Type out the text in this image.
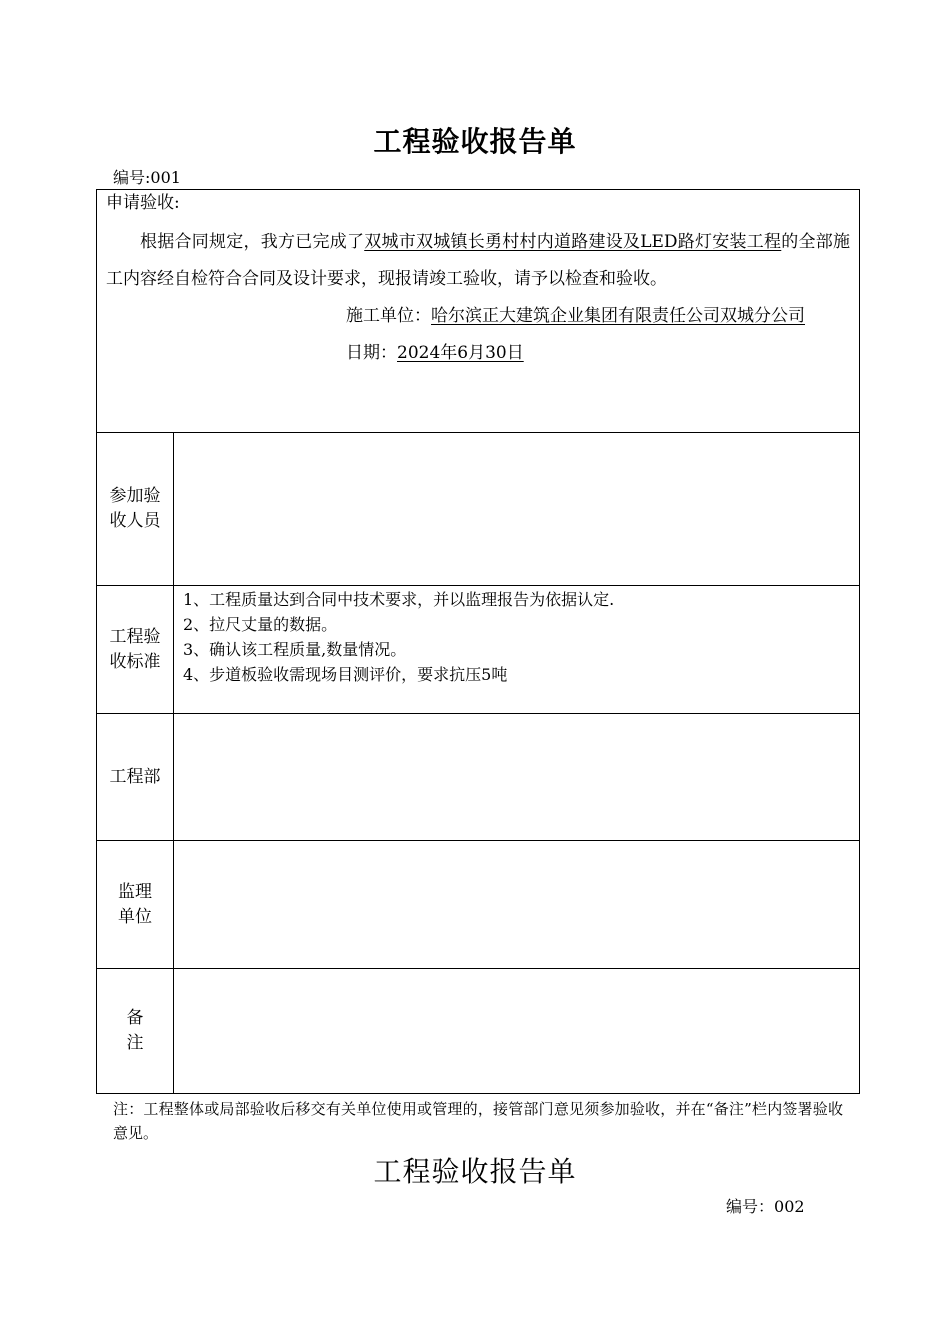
工程验收报告单
编号:001
申请验收:
根据合同规定，我方已完成了双城市双城镇长勇村村内道路建设及LED路灯安装工程的全部施工内容经自检符合合同及设计要求，现报请竣工验收，请予以检查和验收。
施工单位：哈尔滨正大建筑企业集团有限责任公司双城分公司
日期：2024年6月30日	

参加验收人员	

工程验收标准	1、工程质量达到合同中技术要求，并以监理报告为依据认定.
2、拉尺丈量的数据。
3、确认该工程质量,数量情况。
4、步道板验收需现场目测评价，要求抗压5吨

工程部	

监理单位	

备注	

注：工程整体或局部验收后移交有关单位使用或管理的，接管部门意见须参加验收，并在“备注”栏内签署验收意见。
工程验收报告单
编号：002
